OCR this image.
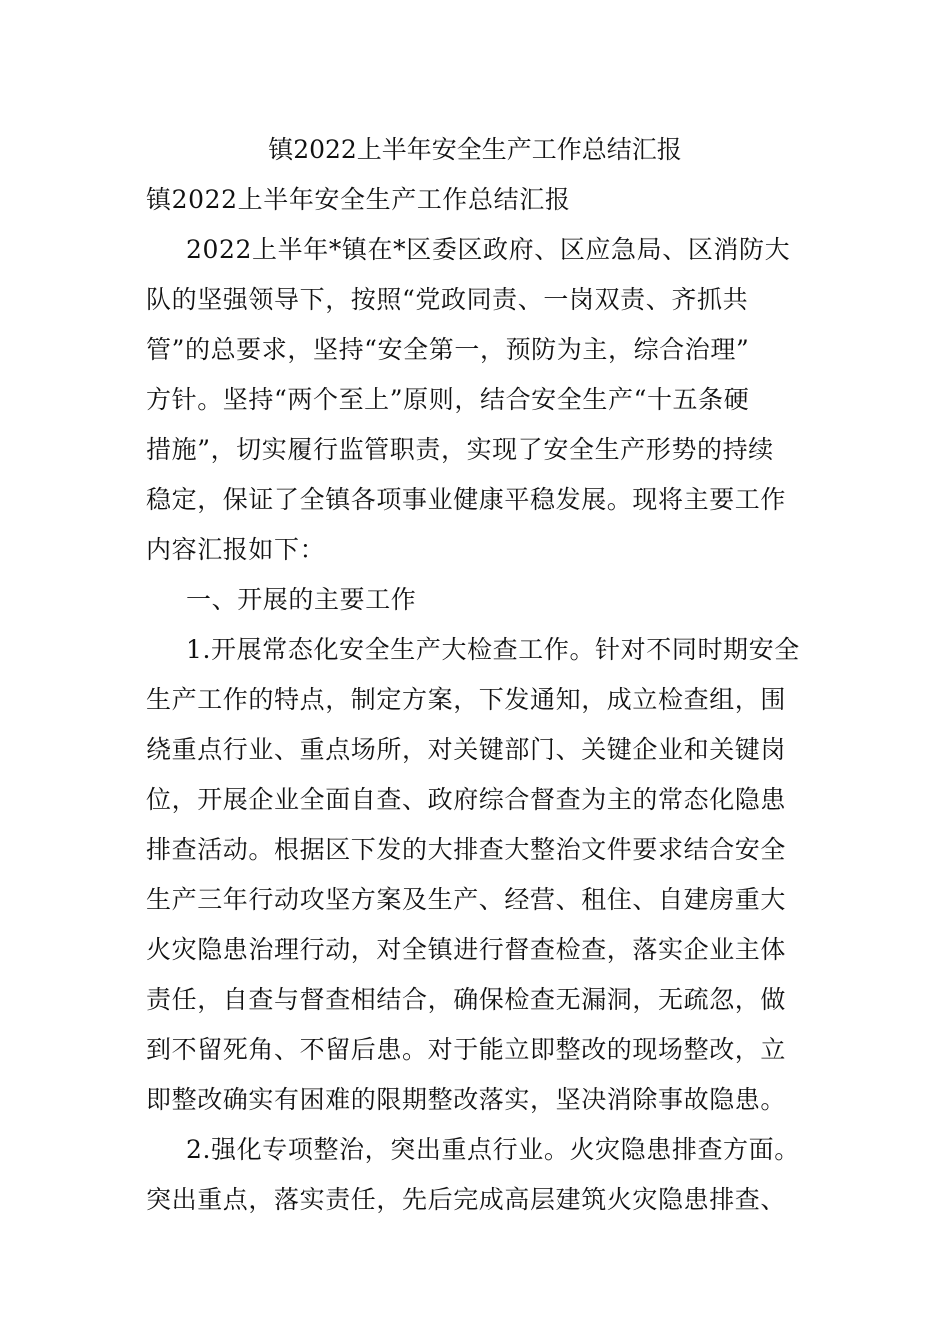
镇2022上半年安全生产工作总结汇报
镇2022上半年安全生产工作总结汇报
2022上半年*镇在*区委区政府、区应急局、区消防大
队的坚强领导下，按照“党政同责、一岗双责、齐抓共
管”的总要求，坚持“安全第一，预防为主，综合治理”
方针。坚持“两个至上”原则，结合安全生产“十五条硬
措施”，切实履行监管职责，实现了安全生产形势的持续
稳定，保证了全镇各项事业健康平稳发展。现将主要工作
内容汇报如下：
一、开展的主要工作
1.开展常态化安全生产大检查工作。针对不同时期安全
生产工作的特点，制定方案，下发通知，成立检查组，围
绕重点行业、重点场所，对关键部门、关键企业和关键岗
位，开展企业全面自查、政府综合督查为主的常态化隐患
排查活动。根据区下发的大排查大整治文件要求结合安全
生产三年行动攻坚方案及生产、经营、租住、自建房重大
火灾隐患治理行动，对全镇进行督查检查，落实企业主体
责任，自查与督查相结合，确保检查无漏洞，无疏忽，做
到不留死角、不留后患。对于能立即整改的现场整改，立
即整改确实有困难的限期整改落实，坚决消除事故隐患。
2.强化专项整治，突出重点行业。火灾隐患排查方面。
突出重点，落实责任，先后完成高层建筑火灾隐患排查、
